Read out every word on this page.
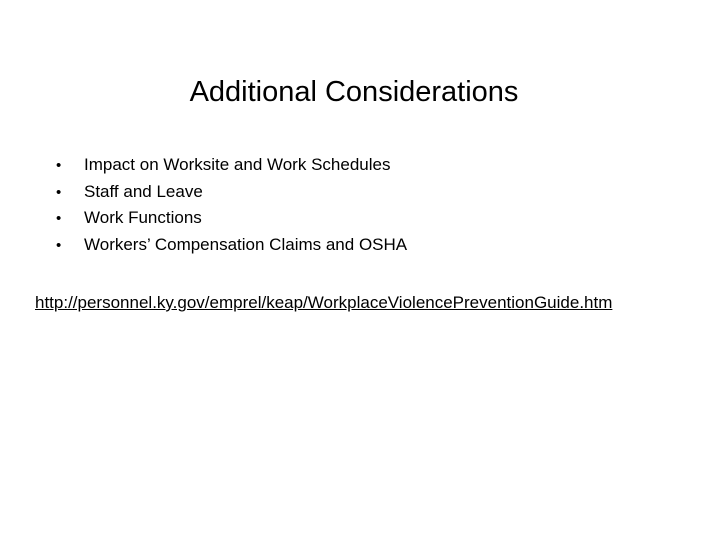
Additional Considerations
•	Impact on Worksite and Work Schedules
•	Staff and Leave
•	Work Functions
•	Workers’ Compensation Claims and OSHA
http://personnel.ky.gov/emprel/keap/WorkplaceViolencePreventionGuide.htm
